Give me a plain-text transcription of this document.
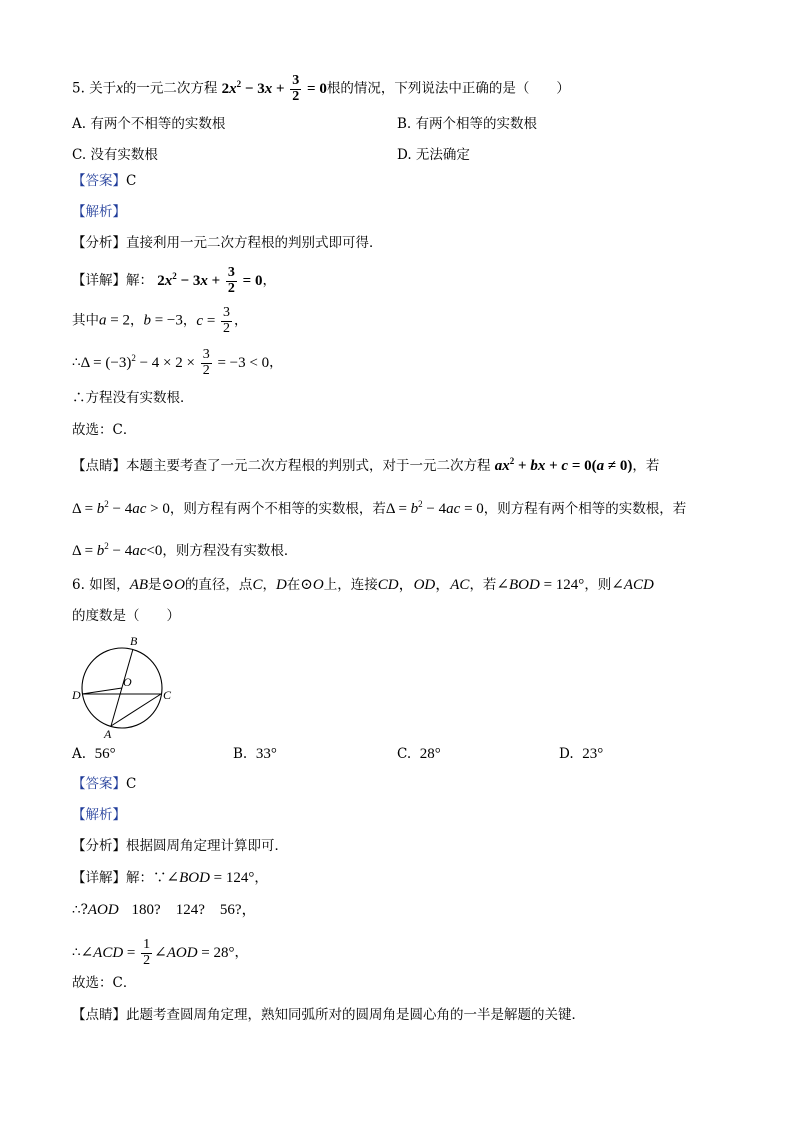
5. 关于x的一元二次方程 $2x^2 - 3x + \frac{3}{2} = 0$根的情况，下列说法中正确的是（　　）
A. 有两个不相等的实数根	B. 有两个相等的实数根
C. 没有实数根	D. 无法确定
【答案】C
【解析】
【分析】直接利用一元二次方程根的判别式即可得．
【详解】解： $2x^2 - 3x + \frac{3}{2} = 0$，
其中a = 2，b = −3，$c = \frac{3}{2}$ ，
∴Δ = $(-3)^2 - 4 \times 2 \times \frac{3}{2} = -3 < 0$，
∴方程没有实数根．
故选：C．
【点睛】本题主要考查了一元二次方程根的判别式，对于一元二次方程 $ax^2$ + bx + c = 0(a ≠ 0)，若
$\Delta = b^2 - 4ac > 0$，则方程有两个不相等的实数根，若$\Delta = b^2 - 4ac = 0$，则方程有两个相等的实数根，若
$\Delta = b^2 - 4ac<0$，则方程没有实数根．
6. 如图，AB是⊙O的直径，点C，D在⊙O上，连接CD，OD，AC，若∠BOD = 124°，则∠ACD
的度数是（　　）
B
O
D	C
A
A. 56°	B. 33°	C. 28°	D. 23°
【答案】C
【解析】
【分析】根据圆周角定理计算即可．
【详解】解：∵∠BOD = 124°，
∴?AOD 180?　124?　56?，
∴∠ACD = $\frac{1}{2}$ ∠AOD = 28°，
故选：C．
【点睛】此题考查圆周角定理，熟知同弧所对的圆周角是圆心角的一半是解题的关键．
